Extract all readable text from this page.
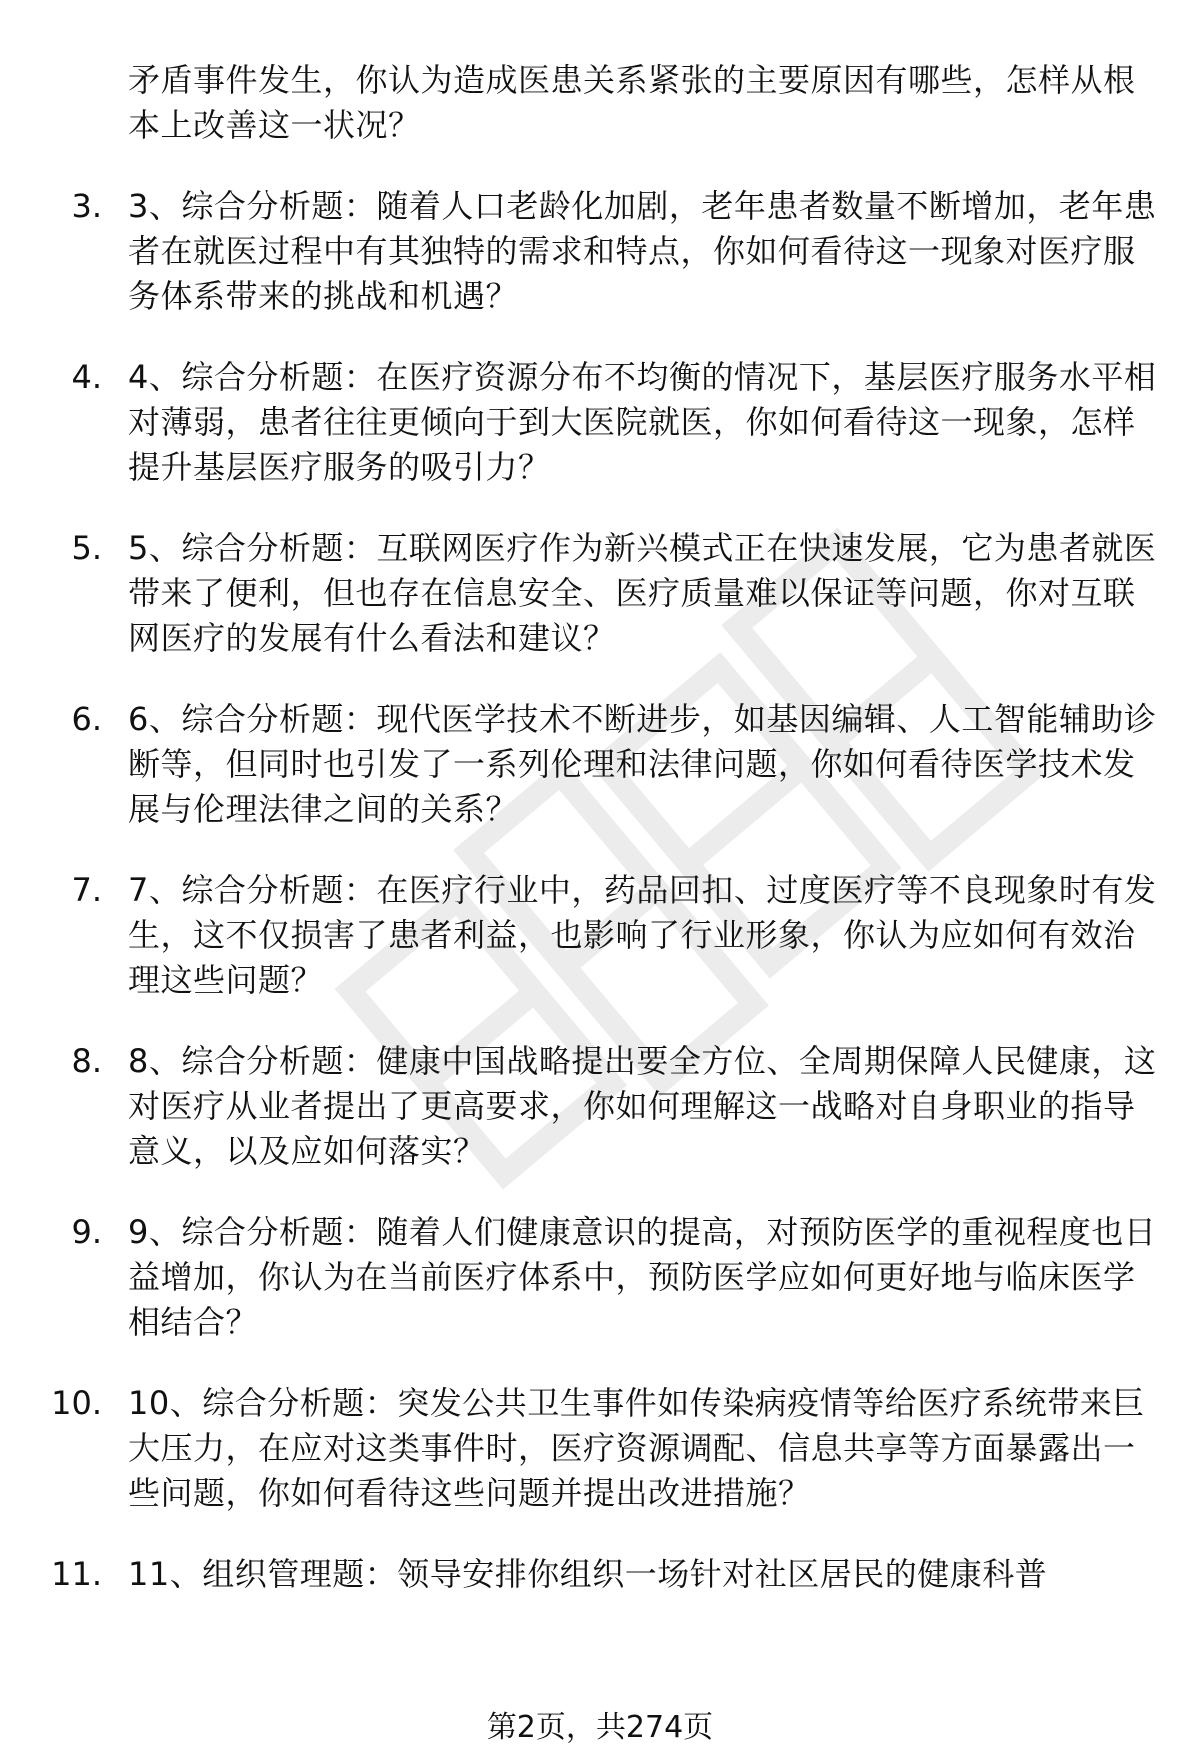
矛盾事件发生，你认为造成医患关系紧张的主要原因有哪些，怎样从根本上改善这一状况？
3. 3、综合分析题：随着人口老龄化加剧，老年患者数量不断增加，老年患者在就医过程中有其独特的需求和特点，你如何看待这一现象对医疗服务体系带来的挑战和机遇？
4. 4、综合分析题：在医疗资源分布不均衡的情况下，基层医疗服务水平相对薄弱，患者往往更倾向于到大医院就医，你如何看待这一现象，怎样提升基层医疗服务的吸引力？
5. 5、综合分析题：互联网医疗作为新兴模式正在快速发展，它为患者就医带来了便利，但也存在信息安全、医疗质量难以保证等问题，你对互联网医疗的发展有什么看法和建议？
6. 6、综合分析题：现代医学技术不断进步，如基因编辑、人工智能辅助诊断等，但同时也引发了一系列伦理和法律问题，你如何看待医学技术发展与伦理法律之间的关系？
7. 7、综合分析题：在医疗行业中，药品回扣、过度医疗等不良现象时有发生，这不仅损害了患者利益，也影响了行业形象，你认为应如何有效治理这些问题？
8. 8、综合分析题：健康中国战略提出要全方位、全周期保障人民健康，这对医疗从业者提出了更高要求，你如何理解这一战略对自身职业的指导意义，以及应如何落实？
9. 9、综合分析题：随着人们健康意识的提高，对预防医学的重视程度也日益增加，你认为在当前医疗体系中，预防医学应如何更好地与临床医学相结合？
10. 10、综合分析题：突发公共卫生事件如传染病疫情等给医疗系统带来巨大压力，在应对这类事件时，医疗资源调配、信息共享等方面暴露出一些问题，你如何看待这些问题并提出改进措施？
11. 11、组织管理题：领导安排你组织一场针对社区居民的健康科普
第2页，共274页
